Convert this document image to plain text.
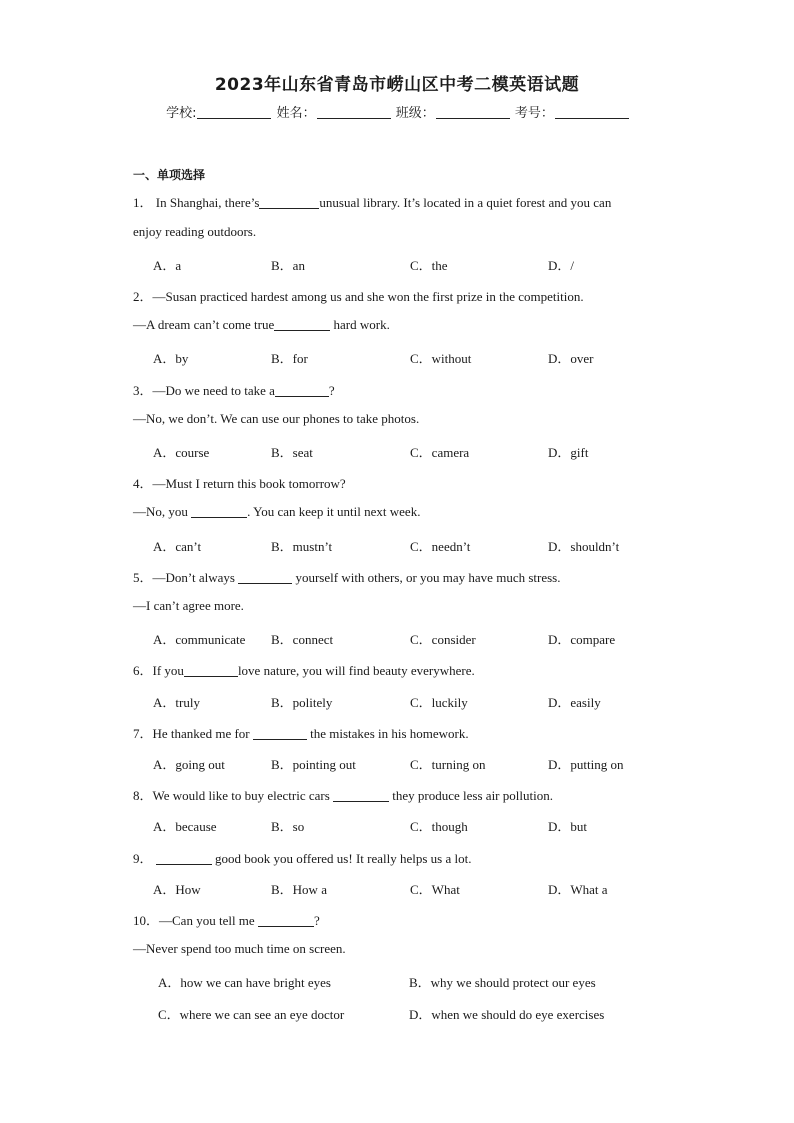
2023年山东省青岛市崂山区中考二模英语试题
学校:	姓名：	班级：	考号：
一、单项选择
1． In Shanghai, there’s	unusual library. It’s located in a quiet forest and you can
enjoy reading outdoors.
A．a	B．an	C．the	D．/
2．—Susan practiced hardest among us and she won the first prize in the competition.
—A dream can’t come true	hard work.
A．by	B．for	C．without	D．over
3．—Do we need to take a	?
—No, we don’t. We can use our phones to take photos.
A．course	B．seat	C．camera	D．gift
4．—Must I return this book tomorrow?
—No, you	. You can keep it until next week.
A．can’t	B．mustn’t	C．needn’t	D．shouldn’t
5．—Don’t always	yourself with others, or you may have much stress.
—I can’t agree more.
A．communicate B．connect	C．consider	D．compare
6．If you	love nature, you will find beauty everywhere.
A．truly	B．politely	C．luckily	D．easily
7．He thanked me for	the mistakes in his homework.
A．going out	B．pointing out	C．turning on	D．putting on
8．We would like to buy electric cars	they produce less air pollution.
A．because	B．so	C．though	D．but
9．	good book you offered us! It really helps us a lot.
A．How	B．How a	C．What	D．What a
10．—Can you tell me	?
—Never spend too much time on screen.
A．how we can have bright eyes	B．why we should protect our eyes
C．where we can see an eye doctor	D．when we should do eye exercises
